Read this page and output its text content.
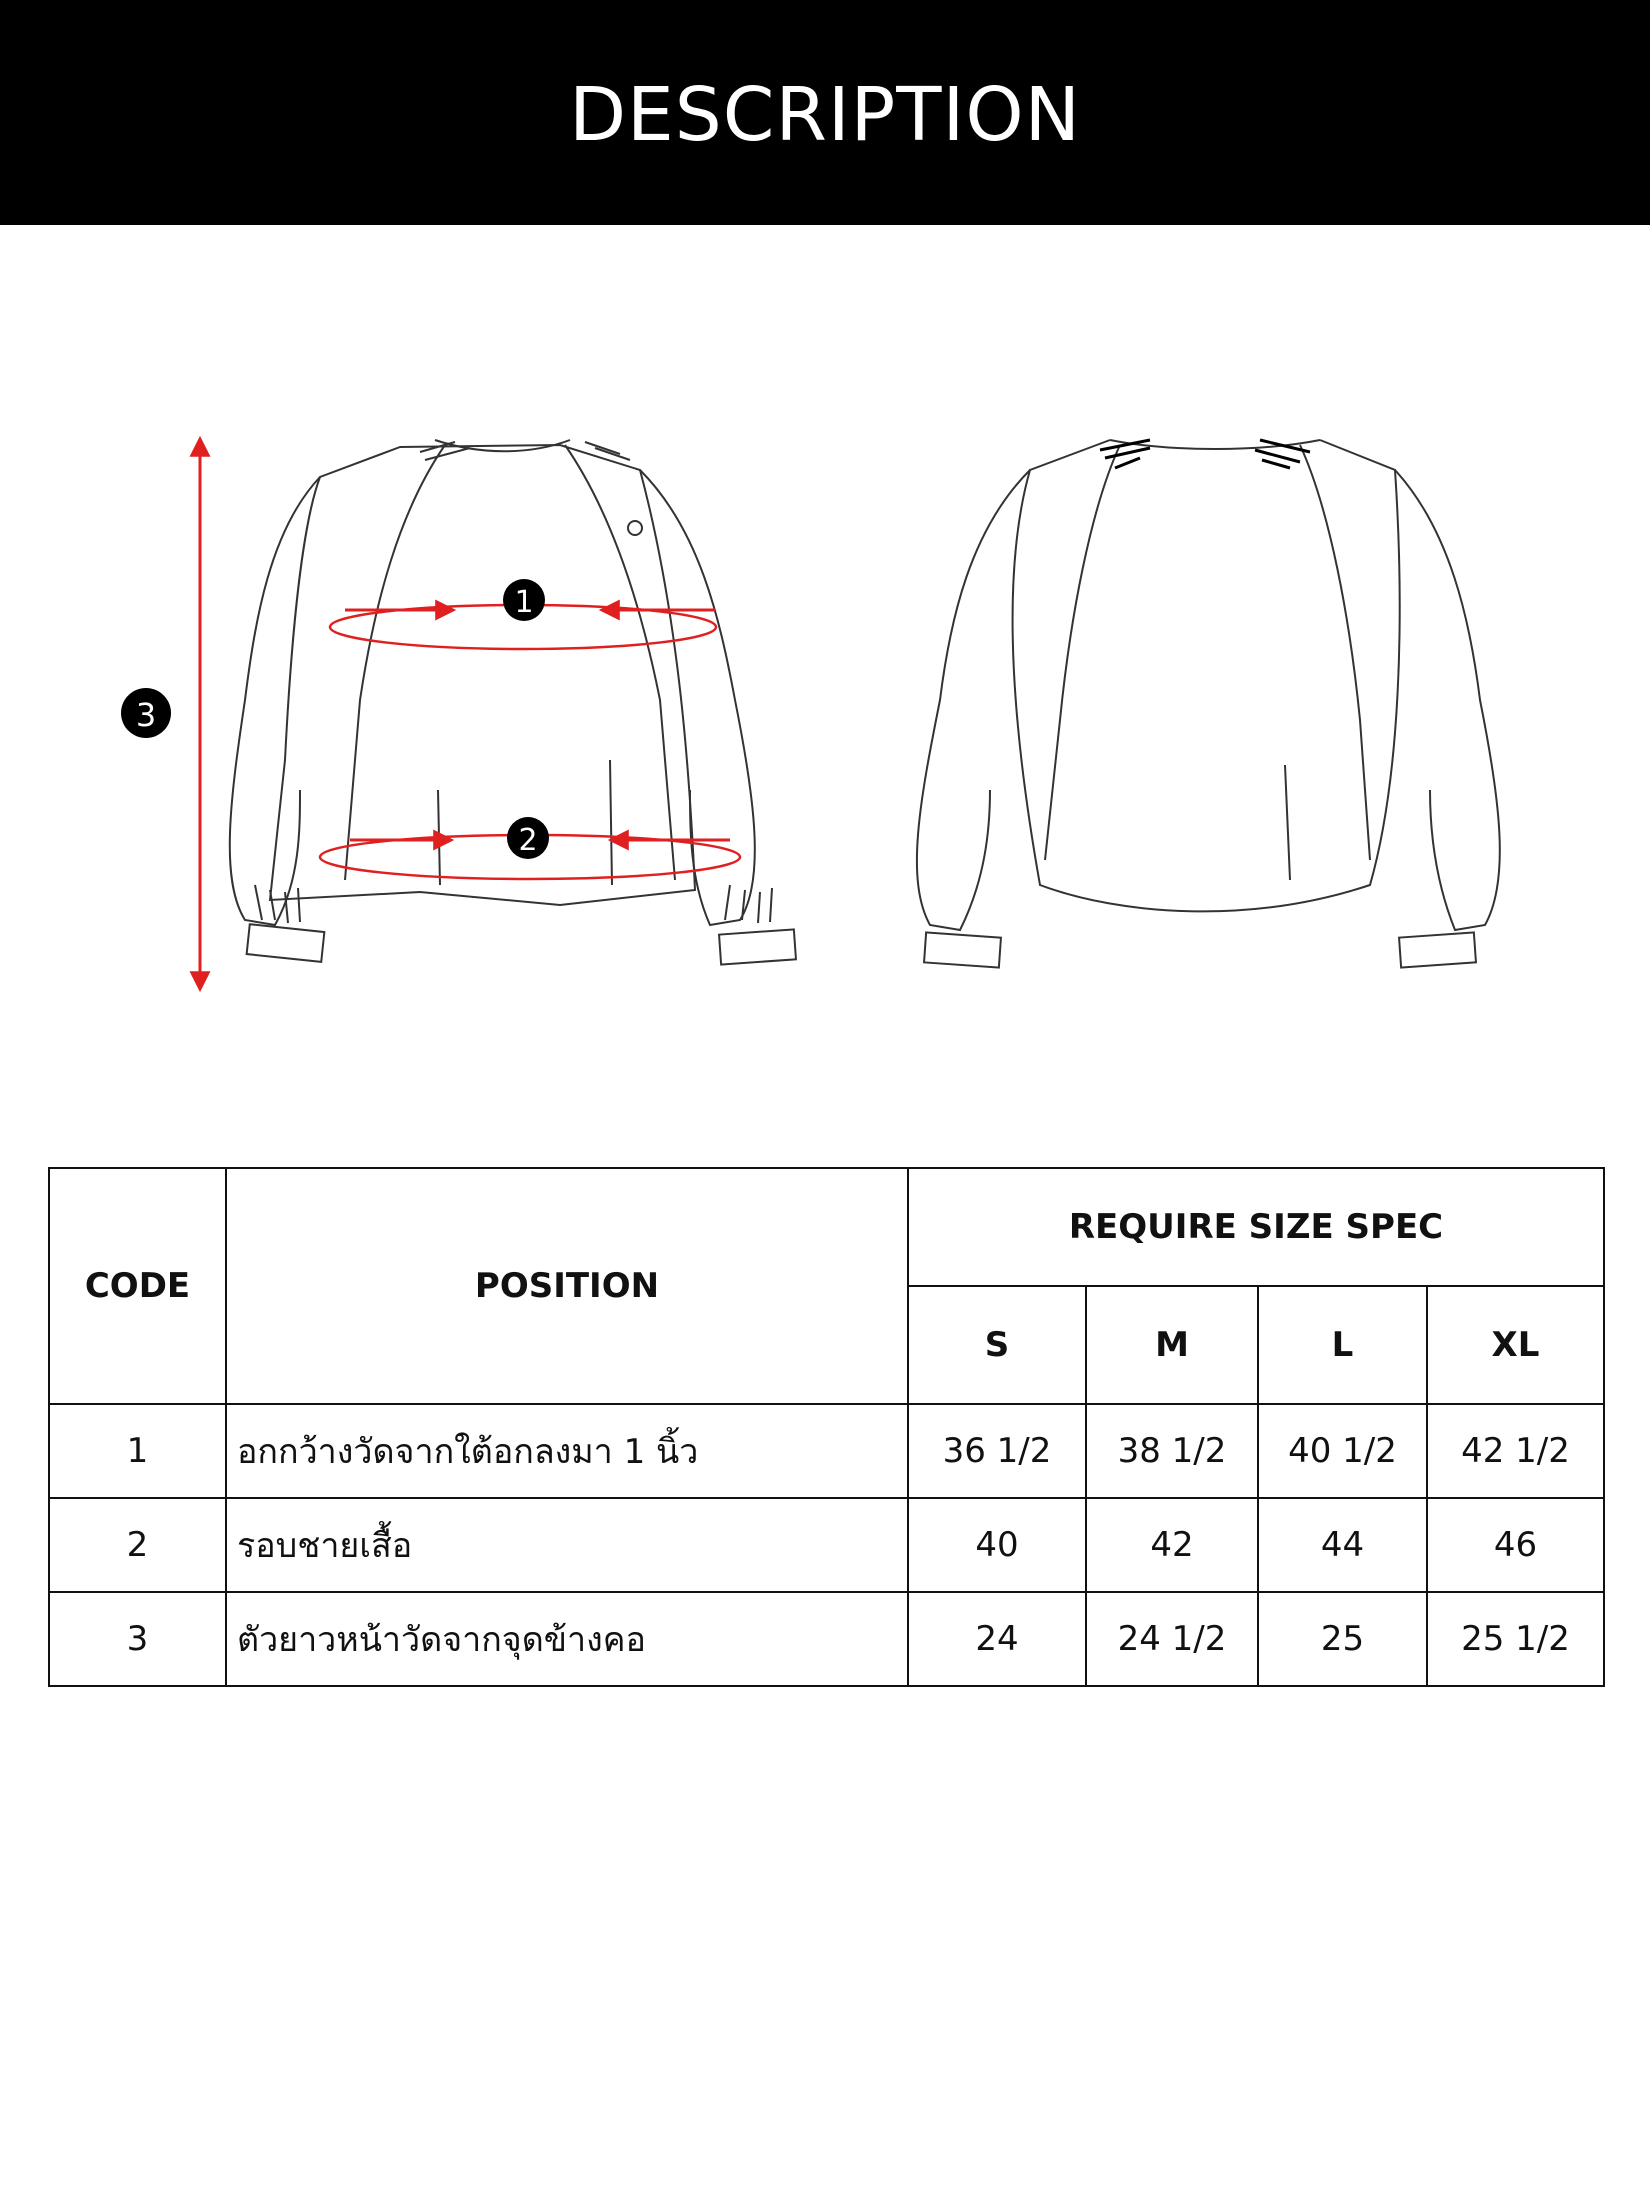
DESCRIPTION
1
2
3
CODE	POSITION	REQUIRE SIZE SPEC			
		S	M	L	XL
1	อกกว้างวัดจากใต้อกลงมา 1 นิ้ว	36 1/2	38 1/2	40 1/2	42 1/2
2	รอบชายเสื้อ	40	42	44	46
3	ตัวยาวหน้าวัดจากจุดข้างคอ	24	24 1/2	25	25 1/2
